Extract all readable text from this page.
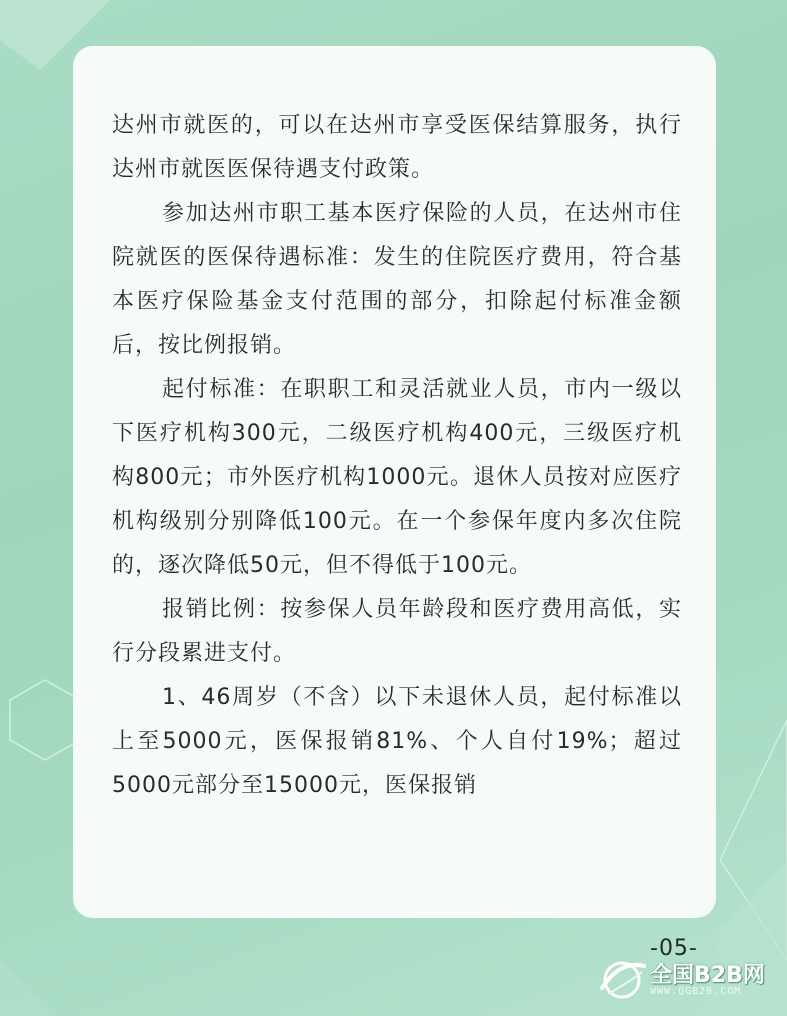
达州市就医的，可以在达州市享受医保结算服务，执行达州市就医医保待遇支付政策。

参加达州市职工基本医疗保险的人员，在达州市住院就医的医保待遇标准：发生的住院医疗费用，符合基本医疗保险基金支付范围的部分，扣除起付标准金额后，按比例报销。

起付标准：在职职工和灵活就业人员，市内一级以下医疗机构300元，二级医疗机构400元，三级医疗机构800元；市外医疗机构1000元。退休人员按对应医疗机构级别分别降低100元。在一个参保年度内多次住院的，逐次降低50元，但不得低于100元。

报销比例：按参保人员年龄段和医疗费用高低，实行分段累进支付。

1、46周岁（不含）以下未退休人员，起付标准以上至5000元，医保报销81%、个人自付19%；超过5000元部分至15000元，医保报销

-05-
全国B2B网
WWW.QGB2B.COM
